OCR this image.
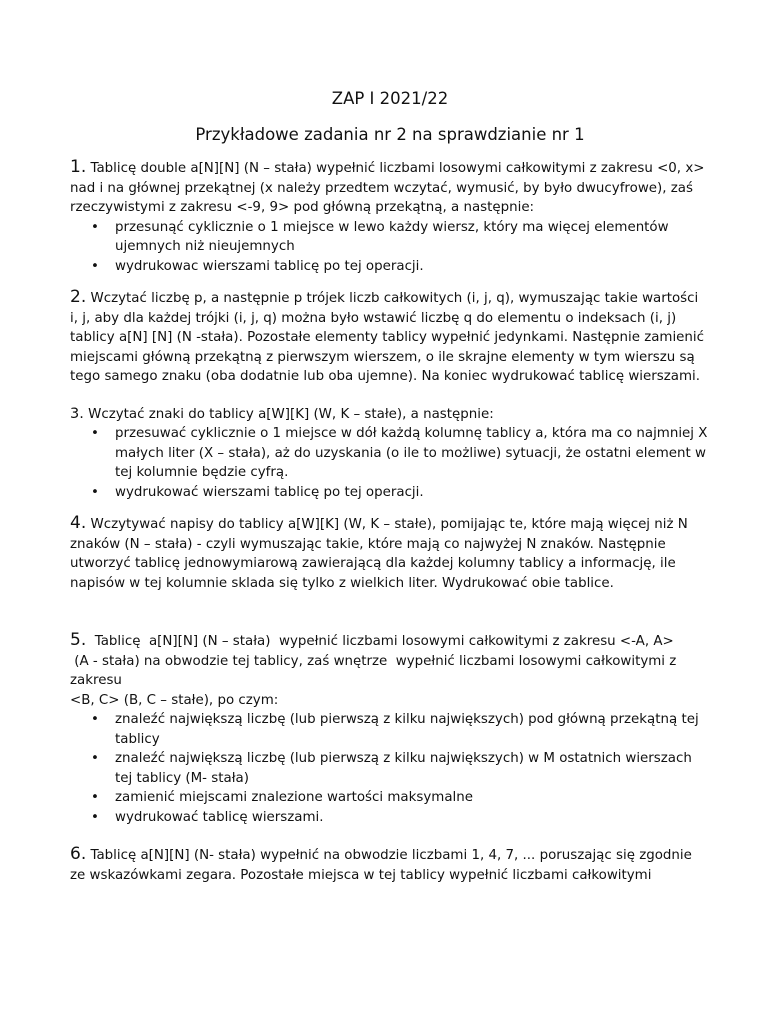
ZAP I 2021/22

Przykładowe zadania nr 2 na sprawdzianie nr 1

1. Tablicę double a[N][N] (N – stała) wypełnić liczbami losowymi całkowitymi z zakresu <0, x> nad i na głównej przekątnej (x należy przedtem wczytać, wymusić, by było dwucyfrowe), zaś rzeczywistymi z zakresu <-9, 9> pod główną przekątną, a następnie:

• przesunąć cyklicznie o 1 miejsce w lewo każdy wiersz, który ma więcej elementów ujemnych niż nieujemnych
• wydrukowac wierszami tablicę po tej operacji.

2. Wczytać liczbę p, a następnie p trójek liczb całkowitych (i, j, q), wymuszając takie wartości i, j, aby dla każdej trójki (i, j, q) można było wstawić liczbę q do elementu o indeksach (i, j) tablicy a[N] [N] (N -stała). Pozostałe elementy tablicy wypełnić jedynkami. Następnie zamienić miejscami główną przekątną z pierwszym wierszem, o ile skrajne elementy w tym wierszu są tego samego znaku (oba dodatnie lub oba ujemne). Na koniec wydrukować tablicę wierszami.

3. Wczytać znaki do tablicy a[W][K] (W, K – stałe), a następnie:

• przesuwać cyklicznie o 1 miejsce w dół każdą kolumnę tablicy a, która ma co najmniej X małych liter (X – stała), aż do uzyskania (o ile to możliwe) sytuacji, że ostatni element w tej kolumnie będzie cyfrą.
• wydrukować wierszami tablicę po tej operacji.

4. Wczytywać napisy do tablicy a[W][K] (W, K – stałe), pomijając te, które mają więcej niż N znaków (N – stała) - czyli wymuszając takie, które mają co najwyżej N znaków. Następnie utworzyć tablicę jednowymiarową zawierającą dla każdej kolumny tablicy a informację, ile napisów w tej kolumnie sklada się tylko z wielkich liter. Wydrukować obie tablice.

5.  Tablicę  a[N][N] (N – stała)  wypełnić liczbami losowymi całkowitymi z zakresu <-A, A>

(A - stała) na obwodzie tej tablicy, zaś wnętrze  wypełnić liczbami losowymi całkowitymi z zakresu

<B, C> (B, C – stałe), po czym:

• znaleźć największą liczbę (lub pierwszą z kilku największych) pod główną przekątną tej tablicy
• znaleźć największą liczbę (lub pierwszą z kilku największych) w M ostatnich wierszach tej tablicy (M- stała)
• zamienić miejscami znalezione wartości maksymalne
• wydrukować tablicę wierszami.

6. Tablicę a[N][N] (N- stała) wypełnić na obwodzie liczbami 1, 4, 7, ... poruszając się zgodnie ze wskazówkami zegara. Pozostałe miejsca w tej tablicy wypełnić liczbami całkowitymi
